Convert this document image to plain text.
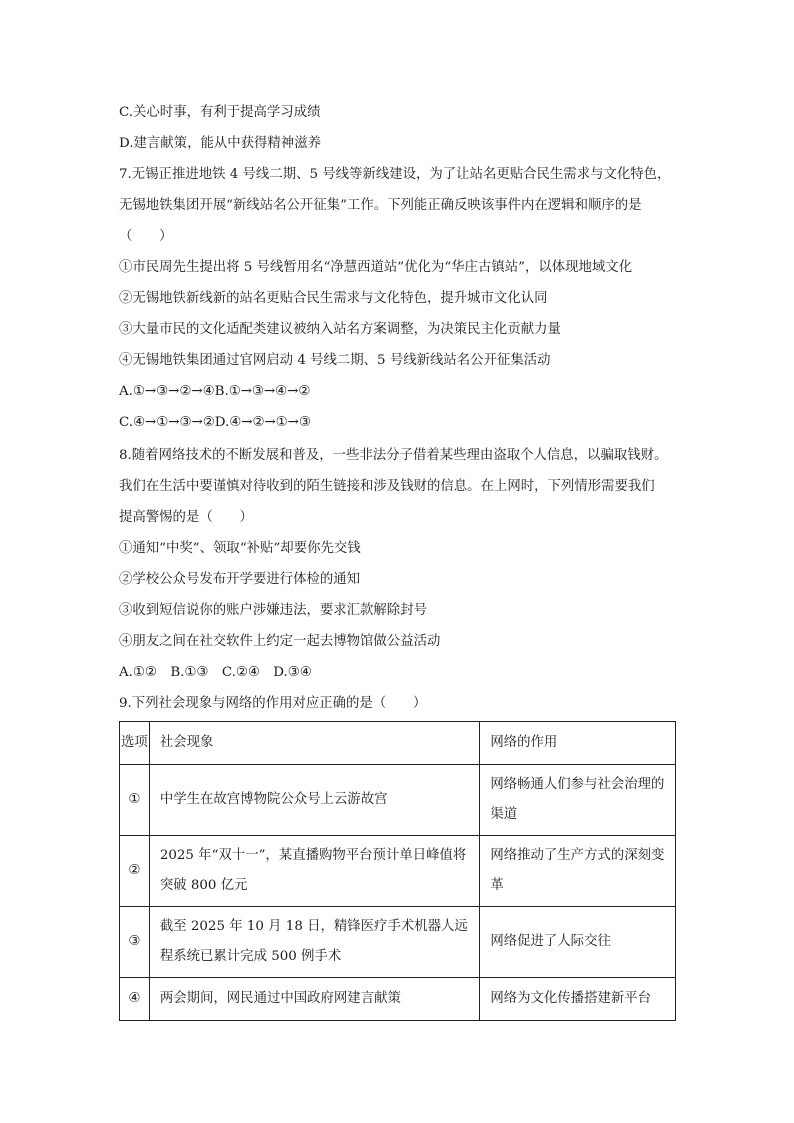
C.关心时事，有利于提高学习成绩
D.建言献策，能从中获得精神滋养
7.无锡正推进地铁 4 号线二期、5 号线等新线建设，为了让站名更贴合民生需求与文化特色，
无锡地铁集团开展“新线站名公开征集”工作。下列能正确反映该事件内在逻辑和顺序的是
（　　）
①市民周先生提出将 5 号线暂用名“净慧西道站”优化为“华庄古镇站”，以体现地域文化
②无锡地铁新线新的站名更贴合民生需求与文化特色，提升城市文化认同
③大量市民的文化适配类建议被纳入站名方案调整，为决策民主化贡献力量
④无锡地铁集团通过官网启动 4 号线二期、5 号线新线站名公开征集活动
A.①→③→②→④B.①→③→④→②
C.④→①→③→②D.④→②→①→③
8.随着网络技术的不断发展和普及，一些非法分子借着某些理由盗取个人信息，以骗取钱财。
我们在生活中要谨慎对待收到的陌生链接和涉及钱财的信息。在上网时，下列情形需要我们
提高警惕的是（　　）
①通知“中奖”、领取“补贴”却要你先交钱
②学校公众号发布开学要进行体检的通知
③收到短信说你的账户涉嫌违法，要求汇款解除封号
④朋友之间在社交软件上约定一起去博物馆做公益活动
A.①②　B.①③　C.②④　D.③④
9.下列社会现象与网络的作用对应正确的是（　　）
选项	社会现象	网络的作用
①	中学生在故宫博物院公众号上云游故宫	网络畅通人们参与社会治理的渠道

②	2025 年“双十一”，某直播购物平台预计单日峰值将突破 800 亿元	网络推动了生产方式的深刻变革

③	截至 2025 年 10 月 18 日，精锋医疗手术机器人远程系统已累计完成 500 例手术	网络促进了人际交往

④	两会期间，网民通过中国政府网建言献策	网络为文化传播搭建新平台
